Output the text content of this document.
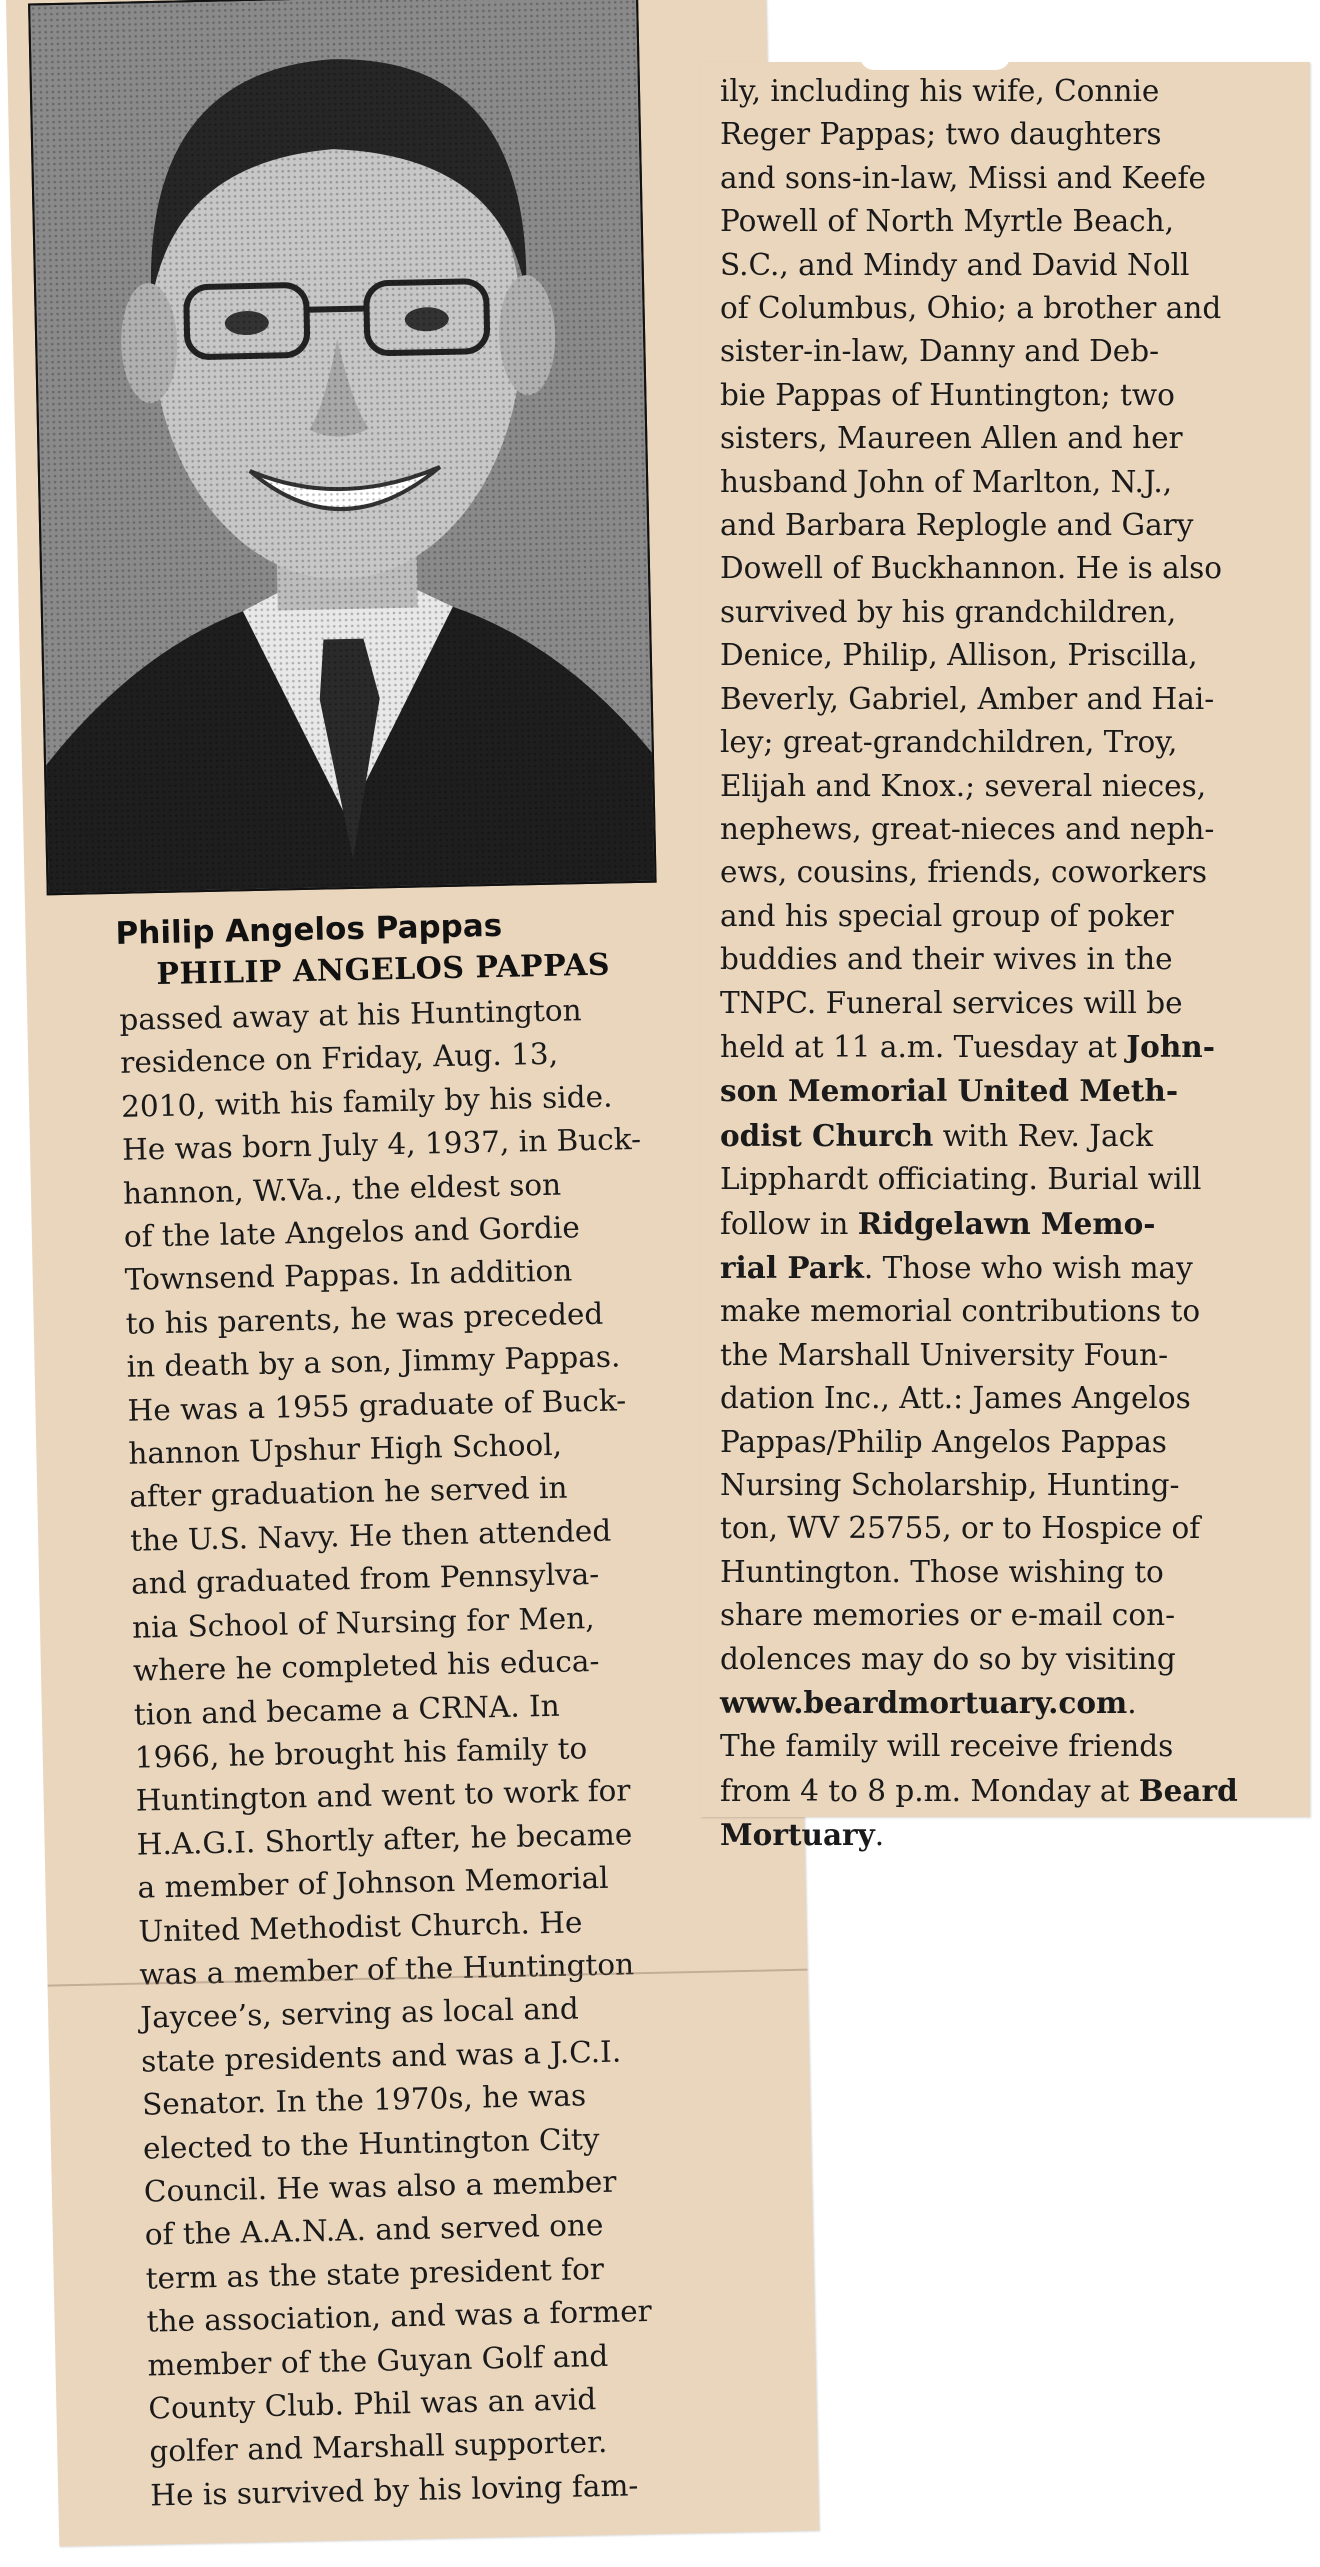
Philip Angelos Pappas
PHILIP ANGELOS PAPPAS
passed away at his Huntington
residence on Friday, Aug. 13,
2010, with his family by his side.
He was born July 4, 1937, in Buck-
hannon, W.Va., the eldest son
of the late Angelos and Gordie
Townsend Pappas. In addition
to his parents, he was preceded
in death by a son, Jimmy Pappas.
He was a 1955 graduate of Buck-
hannon Upshur High School,
after graduation he served in
the U.S. Navy. He then attended
and graduated from Pennsylva-
nia School of Nursing for Men,
where he completed his educa-
tion and became a CRNA. In
1966, he brought his family to
Huntington and went to work for
H.A.G.I. Shortly after, he became
a member of Johnson Memorial
United Methodist Church. He
was a member of the Huntington
Jaycee’s, serving as local and
state presidents and was a J.C.I.
Senator. In the 1970s, he was
elected to the Huntington City
Council. He was also a member
of the A.A.N.A. and served one
term as the state president for
the association, and was a former
member of the Guyan Golf and
County Club. Phil was an avid
golfer and Marshall supporter.
He is survived by his loving fam-
ily, including his wife, Connie
Reger Pappas; two daughters
and sons-in-law, Missi and Keefe
Powell of North Myrtle Beach,
S.C., and Mindy and David Noll
of Columbus, Ohio; a brother and
sister-in-law, Danny and Deb-
bie Pappas of Huntington; two
sisters, Maureen Allen and her
husband John of Marlton, N.J.,
and Barbara Replogle and Gary
Dowell of Buckhannon. He is also
survived by his grandchildren,
Denice, Philip, Allison, Priscilla,
Beverly, Gabriel, Amber and Hai-
ley; great-grandchildren, Troy,
Elijah and Knox.; several nieces,
nephews, great-nieces and neph-
ews, cousins, friends, coworkers
and his special group of poker
buddies and their wives in the
TNPC. Funeral services will be
held at 11 a.m. Tuesday at John-
son Memorial United Meth-
odist Church with Rev. Jack
Lipphardt officiating. Burial will
follow in Ridgelawn Memo-
rial Park. Those who wish may
make memorial contributions to
the Marshall University Foun-
dation Inc., Att.: James Angelos
Pappas/Philip Angelos Pappas
Nursing Scholarship, Hunting-
ton, WV 25755, or to Hospice of
Huntington. Those wishing to
share memories or e-mail con-
dolences may do so by visiting
www.beardmortuary.com.
The family will receive friends
from 4 to 8 p.m. Monday at Beard
Mortuary.
